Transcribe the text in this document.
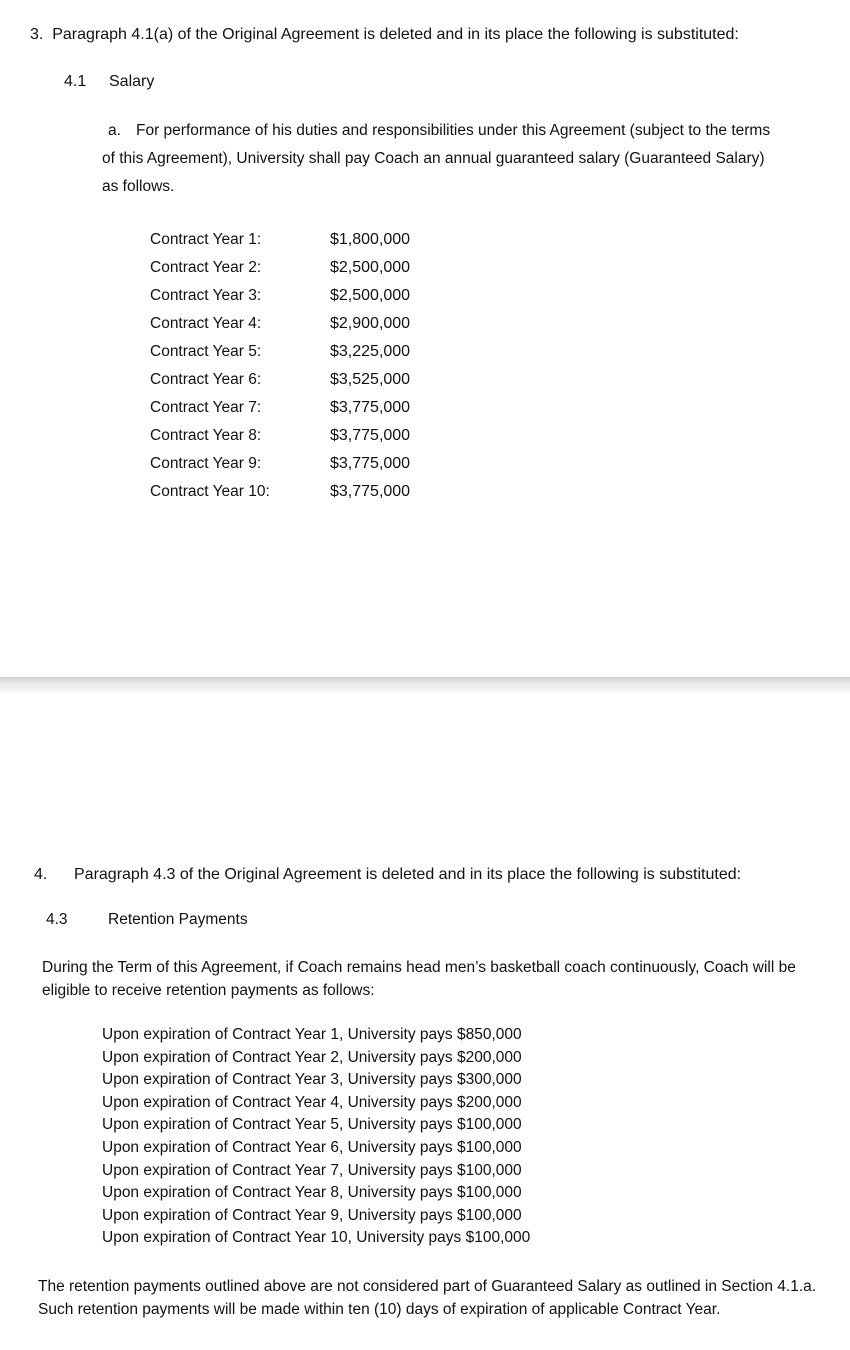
3. Paragraph 4.1(a) of the Original Agreement is deleted and in its place the following is substituted:
4.1 Salary
a. For performance of his duties and responsibilities under this Agreement (subject to the terms of this Agreement), University shall pay Coach an annual guaranteed salary (Guaranteed Salary) as follows.
Contract Year 1:	$1,800,000
Contract Year 2:	$2,500,000
Contract Year 3:	$2,500,000
Contract Year 4:	$2,900,000
Contract Year 5:	$3,225,000
Contract Year 6:	$3,525,000
Contract Year 7:	$3,775,000
Contract Year 8:	$3,775,000
Contract Year 9:	$3,775,000
Contract Year 10:	$3,775,000
4. Paragraph 4.3 of the Original Agreement is deleted and in its place the following is substituted:
4.3	Retention Payments
During the Term of this Agreement, if Coach remains head men’s basketball coach continuously, Coach will be eligible to receive retention payments as follows:
Upon expiration of Contract Year 1, University pays $850,000
Upon expiration of Contract Year 2, University pays $200,000
Upon expiration of Contract Year 3, University pays $300,000
Upon expiration of Contract Year 4, University pays $200,000
Upon expiration of Contract Year 5, University pays $100,000
Upon expiration of Contract Year 6, University pays $100,000
Upon expiration of Contract Year 7, University pays $100,000
Upon expiration of Contract Year 8, University pays $100,000
Upon expiration of Contract Year 9, University pays $100,000
Upon expiration of Contract Year 10, University pays $100,000
The retention payments outlined above are not considered part of Guaranteed Salary as outlined in Section 4.1.a. Such retention payments will be made within ten (10) days of expiration of applicable Contract Year.
